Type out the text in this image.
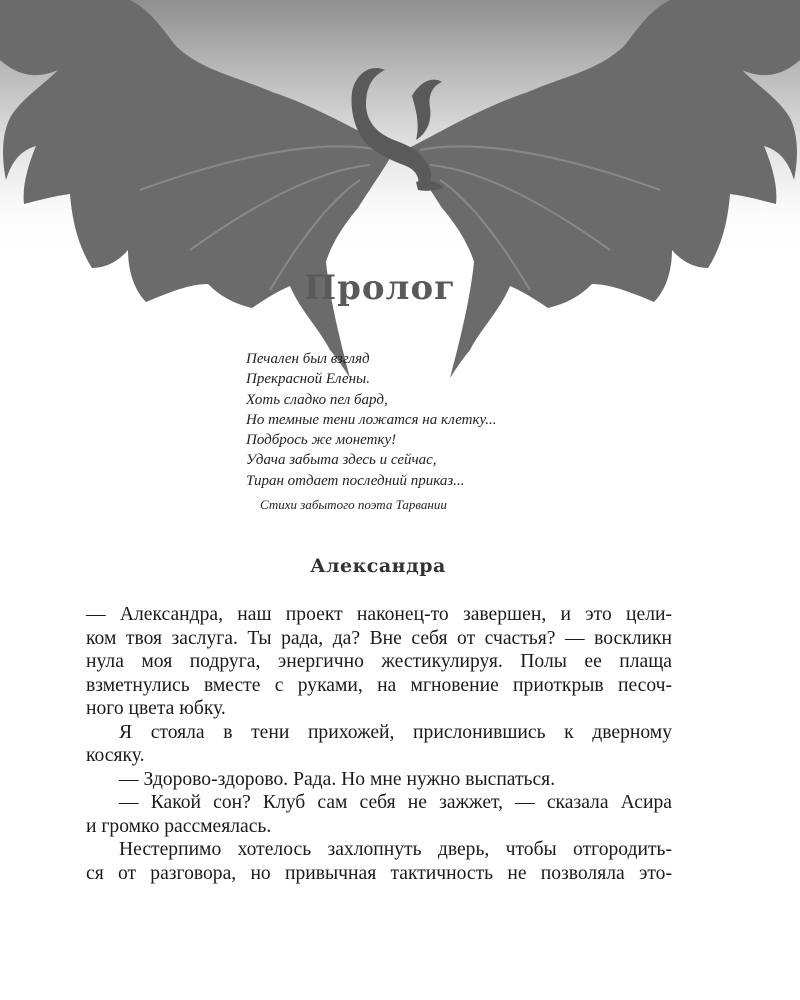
Пролог
Печален был взгляд
Прекрасной Елены.
Хоть сладко пел бард,
Но темные тени ложатся на клетку...
Подбрось же монетку!
Удача забыта здесь и сейчас,
Тиран отдает последний приказ...
Стихи забытого поэта Тарвании
Александра
— Александра, наш проект наконец-то завершен, и это цели-
ком твоя заслуга. Ты рада, да? Вне себя от счастья? — воскликн
нула моя подруга, энергично жестикулируя. Полы ее плаща
взметнулись вместе с руками, на мгновение приоткрыв песоч-
ного цвета юбку.
Я стояла в тени прихожей, прислонившись к дверному
косяку.
— Здорово-здорово. Рада. Но мне нужно выспаться.
— Какой сон? Клуб сам себя не зажжет, — сказала Асира
и громко рассмеялась.
Нестерпимо хотелось захлопнуть дверь, чтобы отгородить-
ся от разговора, но привычная тактичность не позволяла это-
